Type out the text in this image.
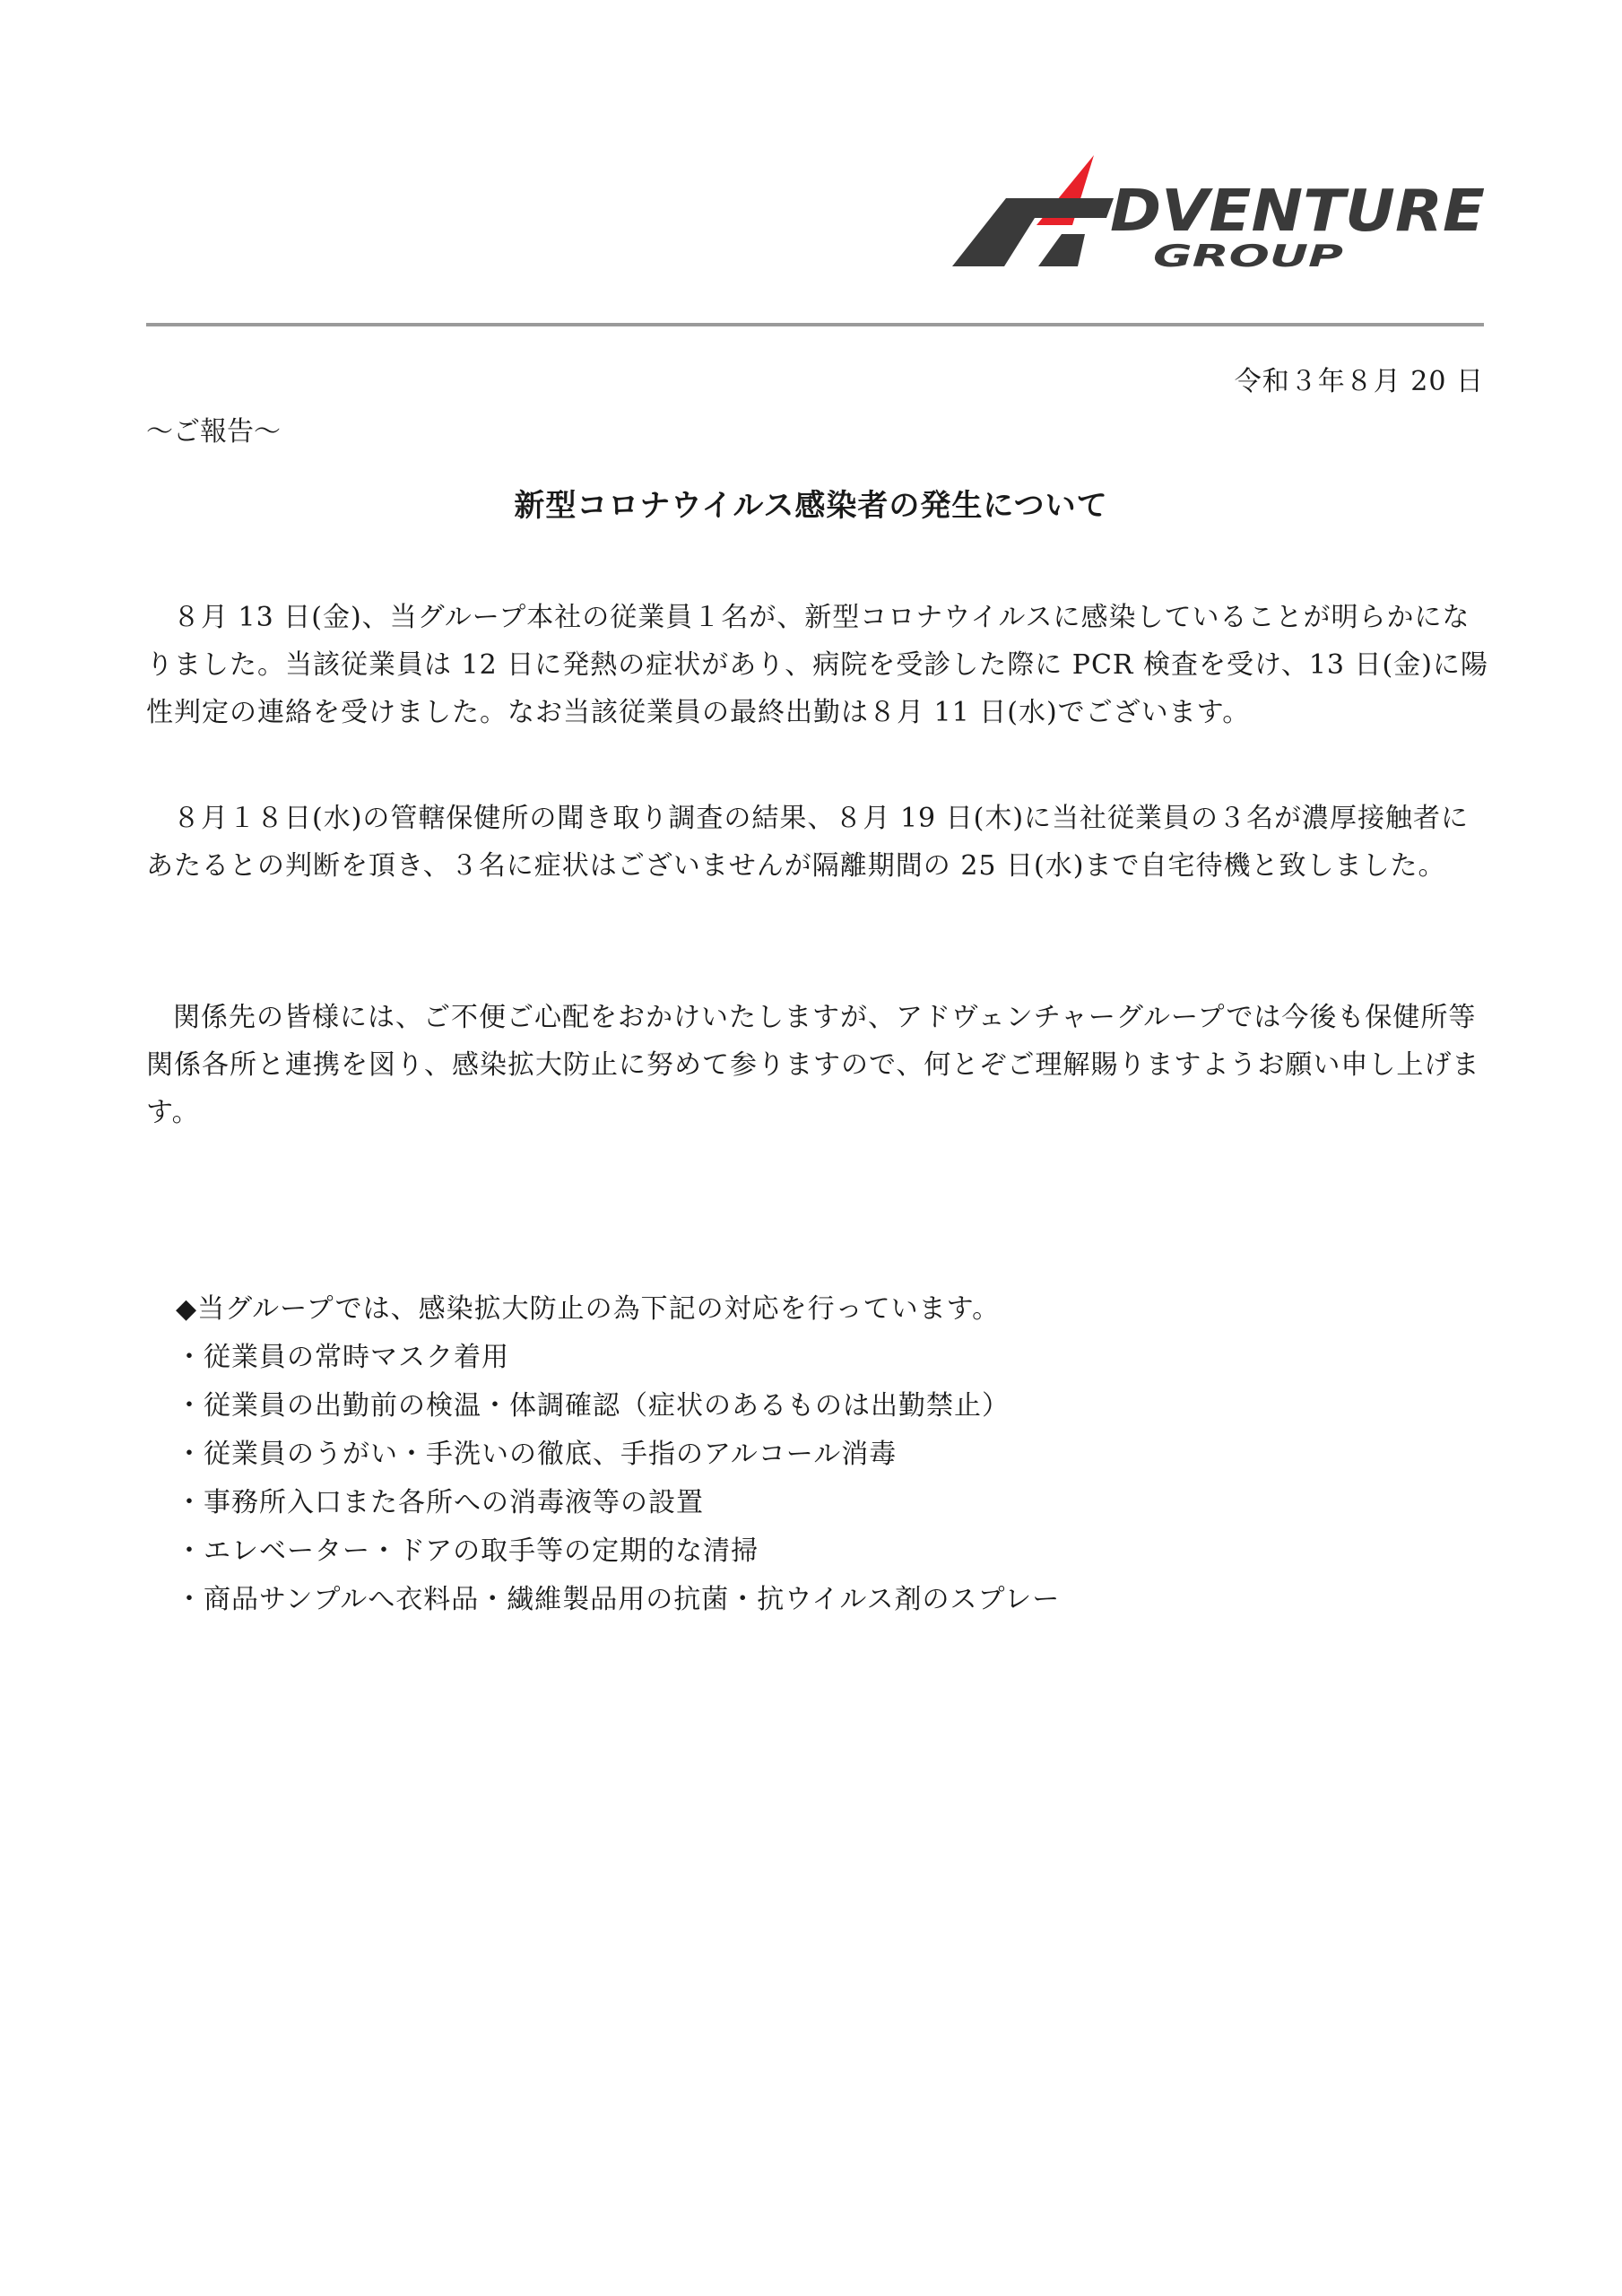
DVENTURE
GROUP
令和３年８月 20 日
〜ご報告〜
新型コロナウイルス感染者の発生について

８月 13 日(金)、当グループ本社の従業員１名が、新型コロナウイルスに感染していることが明らかになりました。当該従業員は 12 日に発熱の症状があり、病院を受診した際に PCR 検査を受け、13 日(金)に陽性判定の連絡を受けました。なお当該従業員の最終出勤は８月 11 日(水)でございます。

８月１８日(水)の管轄保健所の聞き取り調査の結果、８月 19 日(木)に当社従業員の３名が濃厚接触者にあたるとの判断を頂き、３名に症状はございませんが隔離期間の 25 日(水)まで自宅待機と致しました。

関係先の皆様には、ご不便ご心配をおかけいたしますが、アドヴェンチャーグループでは今後も保健所等関係各所と連携を図り、感染拡大防止に努めて参りますので、何とぞご理解賜りますようお願い申し上げます。

◆当グループでは、感染拡大防止の為下記の対応を行っています。
・従業員の常時マスク着用
・従業員の出勤前の検温・体調確認（症状のあるものは出勤禁止）
・従業員のうがい・手洗いの徹底、手指のアルコール消毒
・事務所入口また各所への消毒液等の設置
・エレベーター・ドアの取手等の定期的な清掃
・商品サンプルへ衣料品・繊維製品用の抗菌・抗ウイルス剤のスプレー
